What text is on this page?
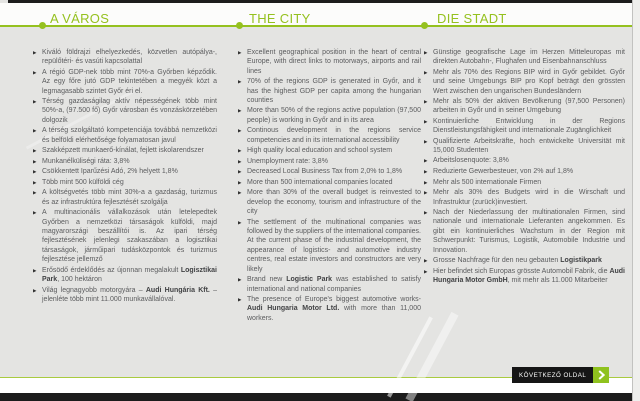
A VÁROS	THE CITY	DIE STADT
▶ Kiváló földrajzi elhelyezkedés, közvetlen autópálya-, repülőtéri- és vasúti kapcsolattal
▶ A régió GDP-nek több mint 70%-a Győrben képződik. Az egy főre jutó GDP tekintetében a megyék közt a legmagasabb szintet Győr éri el.
▶ Térség gazdaságilag aktív népességének több mint 50%-a, (97.500 fő) Győr városban és vonzáskörzetében dolgozik
▶ A térség szolgáltató kompetenciája továbbá nemzetközi és belföldi elérhetősége folyamatosan javul
▶ Szakképzett munkaerő-kínálat, fejlett iskolarendszer
▶ Munkanélküliségi ráta: 3,8%
▶ Csökkentett Iparűzési Adó, 2% helyett 1,8%
▶ Több mint 500 külföldi cég
▶ A költségvetés több mint 30%-a a gazdaság, turizmus és az infrastruktúra fejlesztését szolgálja
▶ A multinacionális vállalkozások után letelepedtek Győrben a nemzetközi társaságok külföldi, majd magyarországi beszállítói is. Az ipari térség fejlesztésének jelenlegi szakaszában a logisztikai társaságok, járműipari tudásközpontok és turizmus fejlesztése jellemző
▶ Erősödő érdeklődés az újonnan megalakult Logisztikai Park, 100 hektáron
▶ Világ legnagyobb motorgyára – Audi Hungária Kft. – jelenléte több mint 11.000 munkavállalóval.
▶ Excellent geographical position in the heart of central Europe, with direct links to motorways, airports and rail lines
▶ 70% of the regions GDP is generated in Győr, and it has the highest GDP per capita among the hungarian counties
▶ More than 50% of the regions active population (97,500 people) is working in Győr and in its area
▶ Continous development in the regions service competencies and in its international accessibility
▶ High quality local education and school system
▶ Unemployment rate: 3,8%
▶ Decreased Local Business Tax from 2,0% to 1,8%
▶ More than 500 international companies located
▶ More than 30% of the overall budget is reinvested to develop the economy, tourism and infrastructure of the city
▶ The settlement of the multinational companies was followed by the suppliers of the international companies. At the current phase of the industrial development, the appearance of logistics- and automotive industry centres, real estate investors and constructors are very likely
▶ Brand new Logistic Park was established to satisfy international and national companies
▶ The presence of Europe's biggest automotive works- Audi Hungaria Motor Ltd. with more than 11,000 workers.
▶ Günstige geografische Lage im Herzen Mitteleuropas mit direkten Autobahn-, Flughafen und Eisenbahnanschluss
▶ Mehr als 70% des Regions BIP wird in Győr gebildet. Győr und seine Umgebungs BIP pro Kopf beträgt den grössten Wert zwischen den ungarischen Bundesländern
▶ Mehr als 50% der aktiven Bevölkerung (97,500 Personen) arbeiten in Győr und in seiner Umgebung
▶ Kontinuierliche Entwicklung in der Regions Dienstleistungsfähigkeit und internationale Zugänglichkeit
▶ Qualifizierte Arbeitskräfte, hoch entwickelte Universität mit 15,000 Studenten
▶ Arbeitslosenquote: 3,8%
▶ Reduzierte Gewerbesteuer, von 2% auf 1,8%
▶ Mehr als 500 internationale Firmen
▶ Mehr als 30% des Budgets wird in die Wirschaft und Infrastruktur (zurück)investiert.
▶ Nach der Niederlassung der multinationalen Firmen, sind nationale und internationale Lieferanten angekommen. Es gibt ein kontinuierliches Wachstum in der Region mit Schwerpunkt: Turismus, Logistik, Automobile Industrie und Innovation.
▶ Grosse Nachfrage für den neu gebauten Logistikpark
▶ Hier befindet sich Europas grösste Automobil Fabrik, die Audi Hungaria Motor GmbH, mit mehr als 11.000 Mitarbeiter
KÖVETKEZŐ OLDAL
